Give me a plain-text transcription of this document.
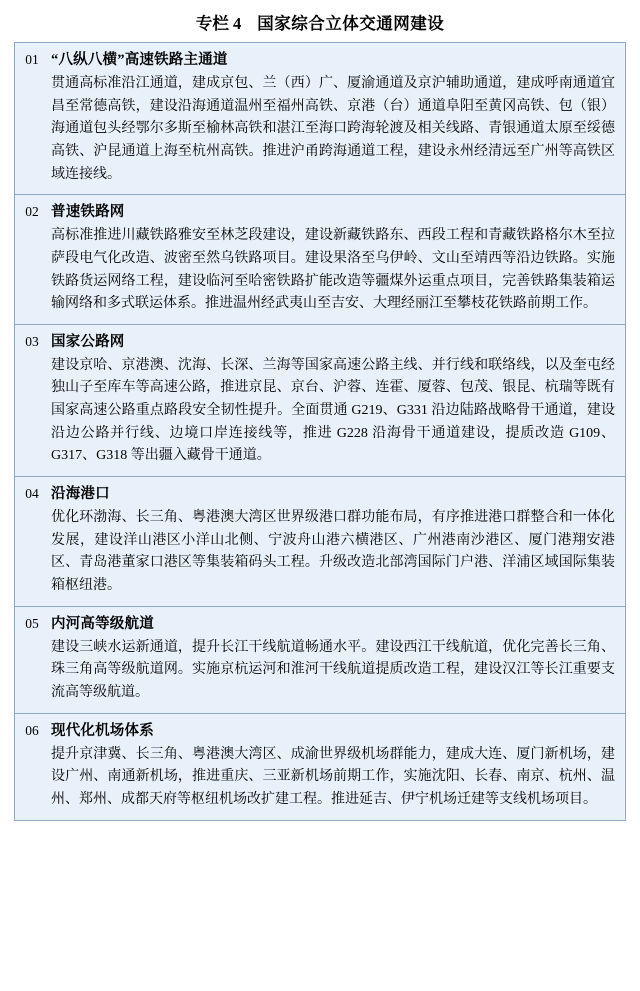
专栏 4 国家综合立体交通网建设
01	“八纵八横”高速铁路主通道
贯通高标准沿江通道，建成京包、兰（西）广、厦渝通道及京沪辅助通道，建成呼南通道宜昌至常德高铁，建设沿海通道温州至福州高铁、京港（台）通道阜阳至黄冈高铁、包（银）海通道包头经鄂尔多斯至榆林高铁和湛江至海口跨海轮渡及相关线路、青银通道太原至绥德高铁、沪昆通道上海至杭州高铁。推进沪甬跨海通道工程，建设永州经清远至广州等高铁区域连接线。

02	普速铁路网
高标准推进川藏铁路雅安至林芝段建设，建设新藏铁路东、西段工程和青藏铁路格尔木至拉萨段电气化改造、波密至然乌铁路项目。建设果洛至乌伊岭、文山至靖西等沿边铁路。实施铁路货运网络工程，建设临河至哈密铁路扩能改造等疆煤外运重点项目，完善铁路集装箱运输网络和多式联运体系。推进温州经武夷山至吉安、大理经丽江至攀枝花铁路前期工作。

03	国家公路网
建设京哈、京港澳、沈海、长深、兰海等国家高速公路主线、并行线和联络线，以及奎屯经独山子至库车等高速公路，推进京昆、京台、沪蓉、连霍、厦蓉、包茂、银昆、杭瑞等既有国家高速公路重点路段安全韧性提升。全面贯通 G219、G331 沿边陆路战略骨干通道，建设沿边公路并行线、边境口岸连接线等，推进 G228 沿海骨干通道建设，提质改造 G109、G317、G318 等出疆入藏骨干通道。

04	沿海港口
优化环渤海、长三角、粤港澳大湾区世界级港口群功能布局，有序推进港口群整合和一体化发展，建设洋山港区小洋山北侧、宁波舟山港六横港区、广州港南沙港区、厦门港翔安港区、青岛港董家口港区等集装箱码头工程。升级改造北部湾国际门户港、洋浦区域国际集装箱枢纽港。

05	内河高等级航道
建设三峡水运新通道，提升长江干线航道畅通水平。建设西江干线航道，优化完善长三角、珠三角高等级航道网。实施京杭运河和淮河干线航道提质改造工程，建设汉江等长江重要支流高等级航道。

06	现代化机场体系
提升京津冀、长三角、粤港澳大湾区、成渝世界级机场群能力，建成大连、厦门新机场，建设广州、南通新机场，推进重庆、三亚新机场前期工作，实施沈阳、长春、南京、杭州、温州、郑州、成都天府等枢纽机场改扩建工程。推进延吉、伊宁机场迁建等支线机场项目。
